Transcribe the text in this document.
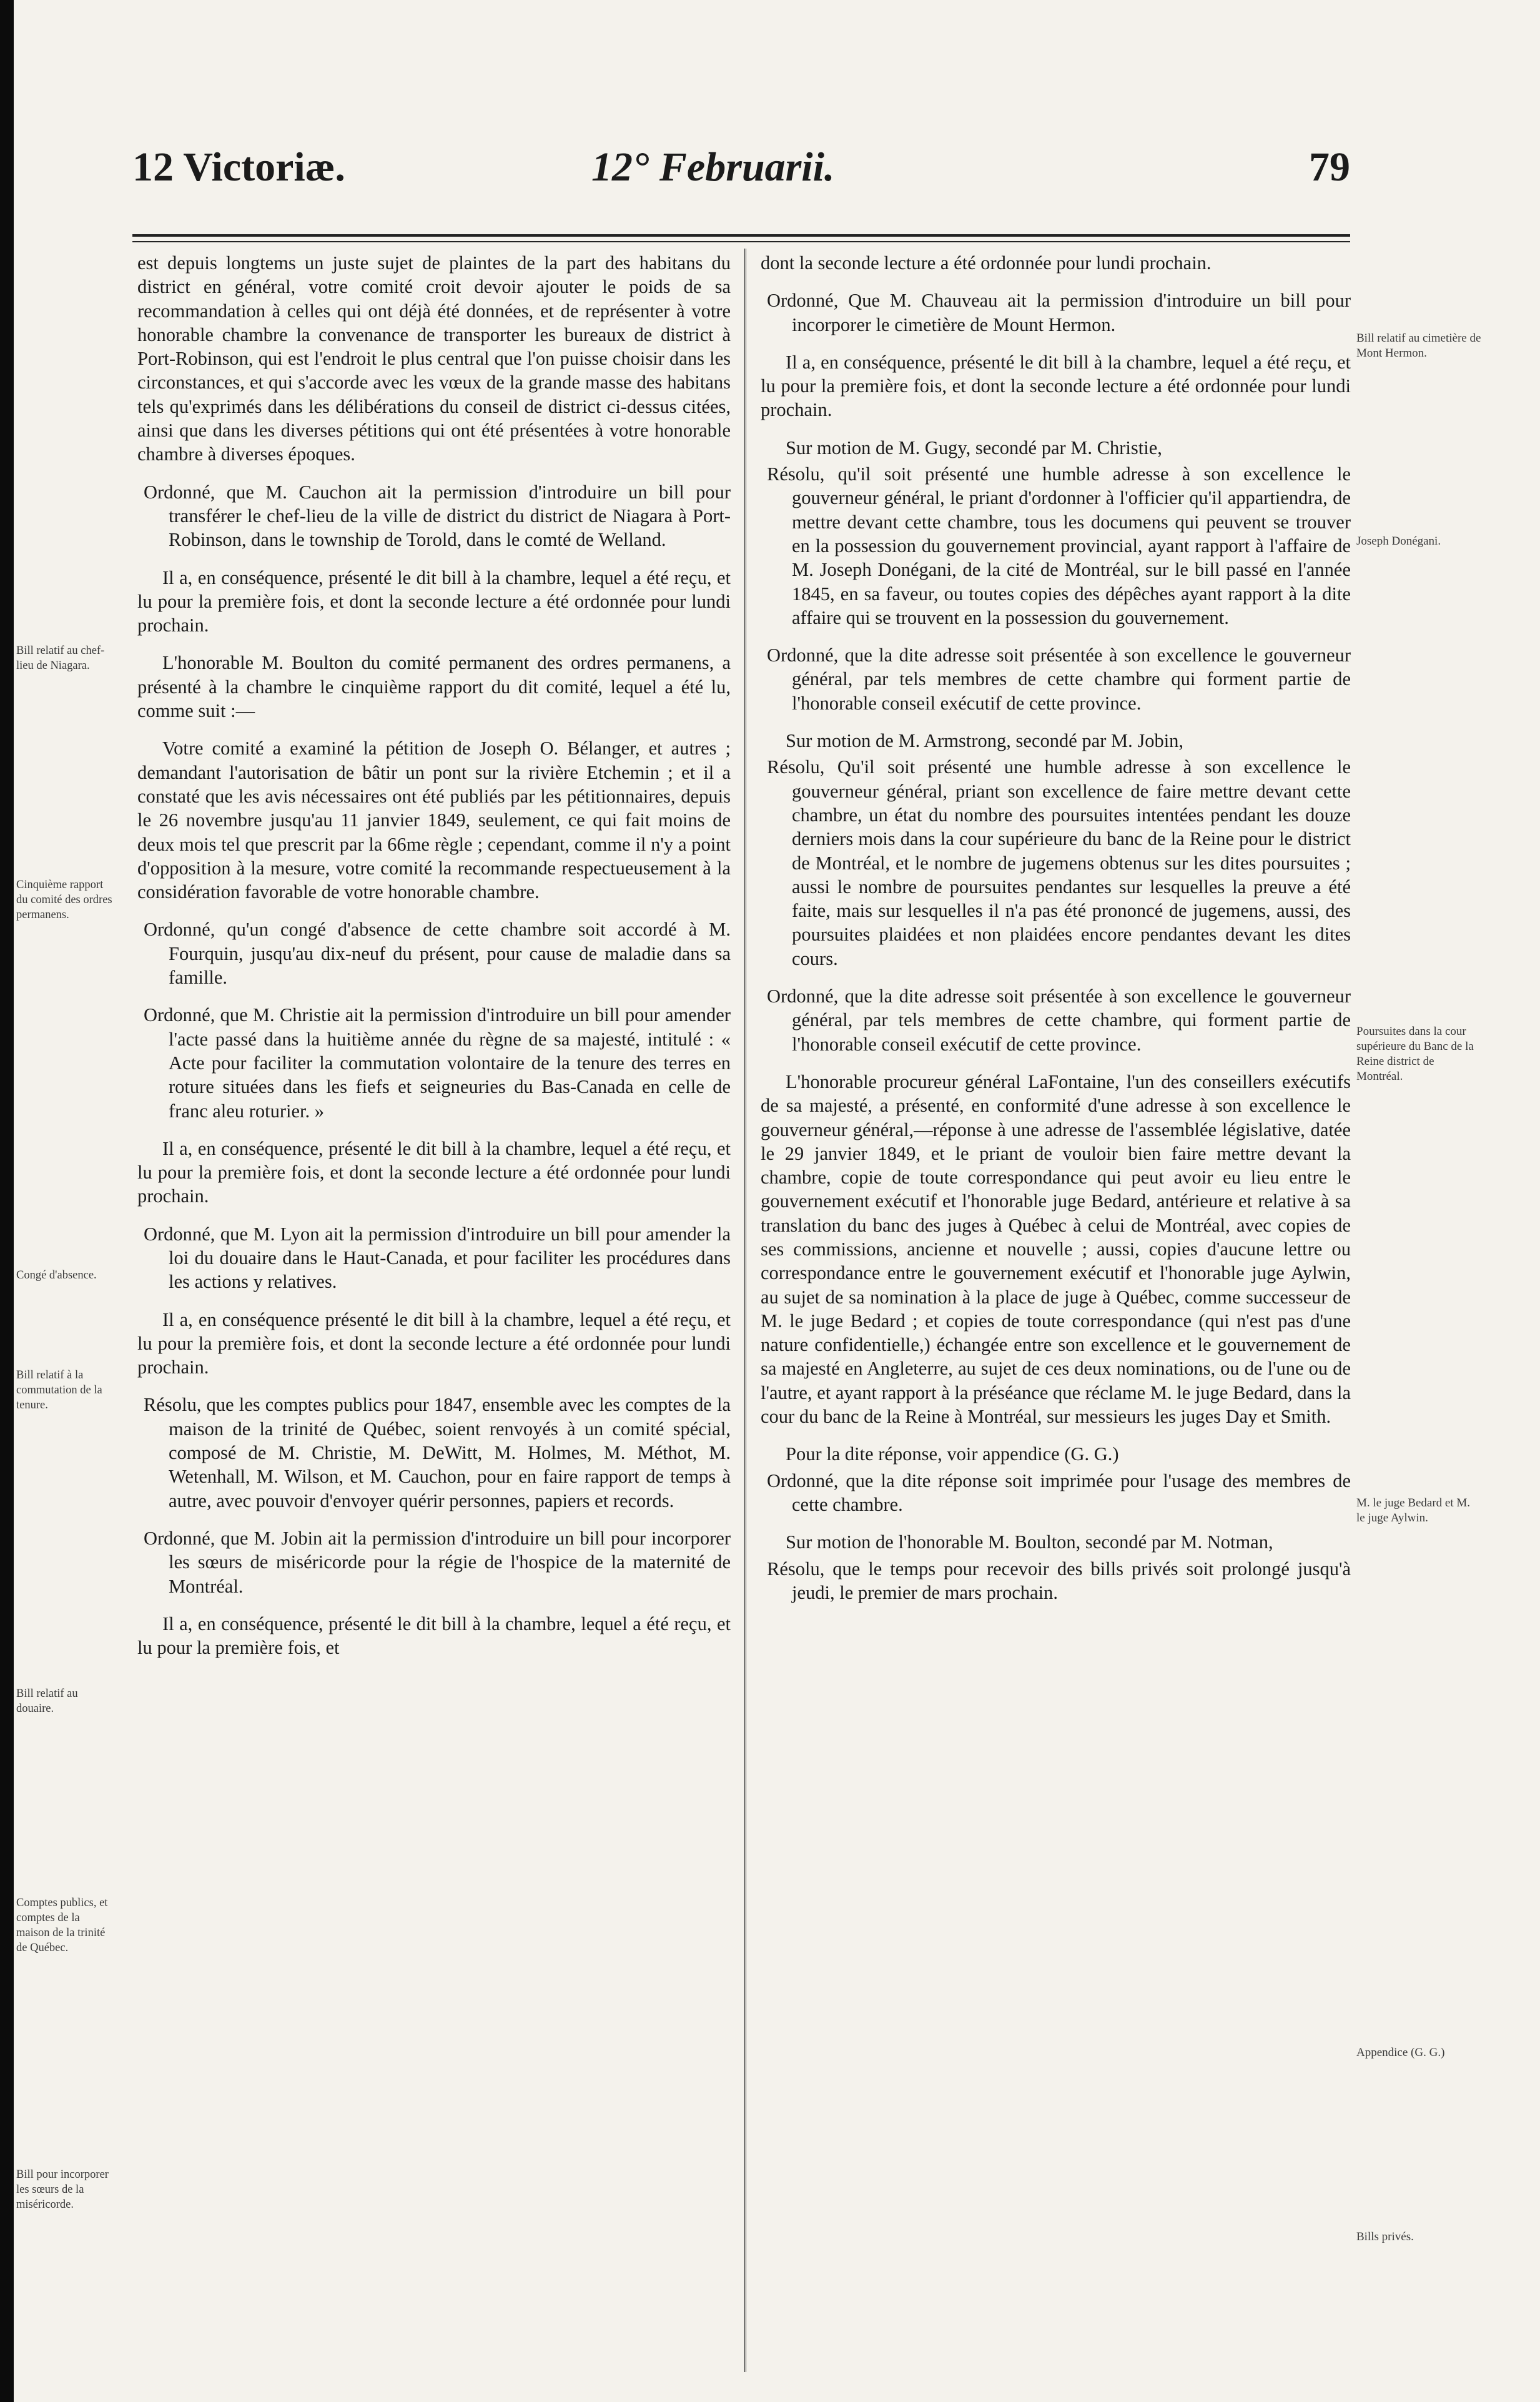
12 Victoriæ.	12° Februarii.	79
Bill relatif au chef-lieu de Niagara.
Cinquième rapport du comité des ordres permanens.
Congé d'absence.
Bill relatif à la commutation de la tenure.
Bill relatif au douaire.
Comptes publics, et comptes de la maison de la trinité de Québec.
Bill pour incorporer les sœurs de la miséricorde.
Bill relatif au cimetière de Mont Hermon.
Joseph Donégani.
Poursuites dans la cour supérieure du Banc de la Reine district de Montréal.
M. le juge Bedard et M. le juge Aylwin.
Appendice (G. G.)
Bills privés.

est depuis longtems un juste sujet de plaintes de la part des habitans du district en général, votre comité croit devoir ajouter le poids de sa recommandation à celles qui ont déjà été données, et de représenter à votre honorable chambre la convenance de transporter les bureaux de district à Port-Robinson, qui est l'endroit le plus central que l'on puisse choisir dans les circonstances, et qui s'accorde avec les vœux de la grande masse des habitans tels qu'exprimés dans les délibérations du conseil de district ci-dessus citées, ainsi que dans les diverses pétitions qui ont été présentées à votre honorable chambre à diverses époques.

Ordonné, que M. Cauchon ait la permission d'introduire un bill pour transférer le chef-lieu de la ville de district du district de Niagara à Port-Robinson, dans le township de Torold, dans le comté de Welland.

Il a, en conséquence, présenté le dit bill à la chambre, lequel a été reçu, et lu pour la première fois, et dont la seconde lecture a été ordonnée pour lundi prochain.

L'honorable M. Boulton du comité permanent des ordres permanens, a présenté à la chambre le cinquième rapport du dit comité, lequel a été lu, comme suit :—

Votre comité a examiné la pétition de Joseph O. Bélanger, et autres ; demandant l'autorisation de bâtir un pont sur la rivière Etchemin ; et il a constaté que les avis nécessaires ont été publiés par les pétitionnaires, depuis le 26 novembre jusqu'au 11 janvier 1849, seulement, ce qui fait moins de deux mois tel que prescrit par la 66me règle ; cependant, comme il n'y a point d'opposition à la mesure, votre comité la recommande respectueusement à la considération favorable de votre honorable chambre.

Ordonné, qu'un congé d'absence de cette chambre soit accordé à M. Fourquin, jusqu'au dix-neuf du présent, pour cause de maladie dans sa famille.

Ordonné, que M. Christie ait la permission d'introduire un bill pour amender l'acte passé dans la huitième année du règne de sa majesté, intitulé : « Acte pour faciliter la commutation volontaire de la tenure des terres en roture situées dans les fiefs et seigneuries du Bas-Canada en celle de franc aleu roturier. »

Il a, en conséquence, présenté le dit bill à la chambre, lequel a été reçu, et lu pour la première fois, et dont la seconde lecture a été ordonnée pour lundi prochain.

Ordonné, que M. Lyon ait la permission d'introduire un bill pour amender la loi du douaire dans le Haut-Canada, et pour faciliter les procédures dans les actions y relatives.

Il a, en conséquence présenté le dit bill à la chambre, lequel a été reçu, et lu pour la première fois, et dont la seconde lecture a été ordonnée pour lundi prochain.

Résolu, que les comptes publics pour 1847, ensemble avec les comptes de la maison de la trinité de Québec, soient renvoyés à un comité spécial, composé de M. Christie, M. DeWitt, M. Holmes, M. Méthot, M. Wetenhall, M. Wilson, et M. Cauchon, pour en faire rapport de temps à autre, avec pouvoir d'envoyer quérir personnes, papiers et records.

Ordonné, que M. Jobin ait la permission d'introduire un bill pour incorporer les sœurs de miséricorde pour la régie de l'hospice de la maternité de Montréal.

Il a, en conséquence, présenté le dit bill à la chambre, lequel a été reçu, et lu pour la première fois, et

dont la seconde lecture a été ordonnée pour lundi prochain.

Ordonné, Que M. Chauveau ait la permission d'introduire un bill pour incorporer le cimetière de Mount Hermon.

Il a, en conséquence, présenté le dit bill à la chambre, lequel a été reçu, et lu pour la première fois, et dont la seconde lecture a été ordonnée pour lundi prochain.

Sur motion de M. Gugy, secondé par M. Christie,

Résolu, qu'il soit présenté une humble adresse à son excellence le gouverneur général, le priant d'ordonner à l'officier qu'il appartiendra, de mettre devant cette chambre, tous les documens qui peuvent se trouver en la possession du gouvernement provincial, ayant rapport à l'affaire de M. Joseph Donégani, de la cité de Montréal, sur le bill passé en l'année 1845, en sa faveur, ou toutes copies des dépêches ayant rapport à la dite affaire qui se trouvent en la possession du gouvernement.

Ordonné, que la dite adresse soit présentée à son excellence le gouverneur général, par tels membres de cette chambre qui forment partie de l'honorable conseil exécutif de cette province.

Sur motion de M. Armstrong, secondé par M. Jobin,

Résolu, Qu'il soit présenté une humble adresse à son excellence le gouverneur général, priant son excellence de faire mettre devant cette chambre, un état du nombre des poursuites intentées pendant les douze derniers mois dans la cour supérieure du banc de la Reine pour le district de Montréal, et le nombre de jugemens obtenus sur les dites poursuites ; aussi le nombre de poursuites pendantes sur lesquelles la preuve a été faite, mais sur lesquelles il n'a pas été prononcé de jugemens, aussi, des poursuites plaidées et non plaidées encore pendantes devant les dites cours.

Ordonné, que la dite adresse soit présentée à son excellence le gouverneur général, par tels membres de cette chambre, qui forment partie de l'honorable conseil exécutif de cette province.

L'honorable procureur général LaFontaine, l'un des conseillers exécutifs de sa majesté, a présenté, en conformité d'une adresse à son excellence le gouverneur général,—réponse à une adresse de l'assemblée législative, datée le 29 janvier 1849, et le priant de vouloir bien faire mettre devant la chambre, copie de toute correspondance qui peut avoir eu lieu entre le gouvernement exécutif et l'honorable juge Bedard, antérieure et relative à sa translation du banc des juges à Québec à celui de Montréal, avec copies de ses commissions, ancienne et nouvelle ; aussi, copies d'aucune lettre ou correspondance entre le gouvernement exécutif et l'honorable juge Aylwin, au sujet de sa nomination à la place de juge à Québec, comme successeur de M. le juge Bedard ; et copies de toute correspondance (qui n'est pas d'une nature confidentielle,) échangée entre son excellence et le gouvernement de sa majesté en Angleterre, au sujet de ces deux nominations, ou de l'une ou de l'autre, et ayant rapport à la préséance que réclame M. le juge Bedard, dans la cour du banc de la Reine à Montréal, sur messieurs les juges Day et Smith.

Pour la dite réponse, voir appendice (G. G.)

Ordonné, que la dite réponse soit imprimée pour l'usage des membres de cette chambre.

Sur motion de l'honorable M. Boulton, secondé par M. Notman,

Résolu, que le temps pour recevoir des bills privés soit prolongé jusqu'à jeudi, le premier de mars prochain.
